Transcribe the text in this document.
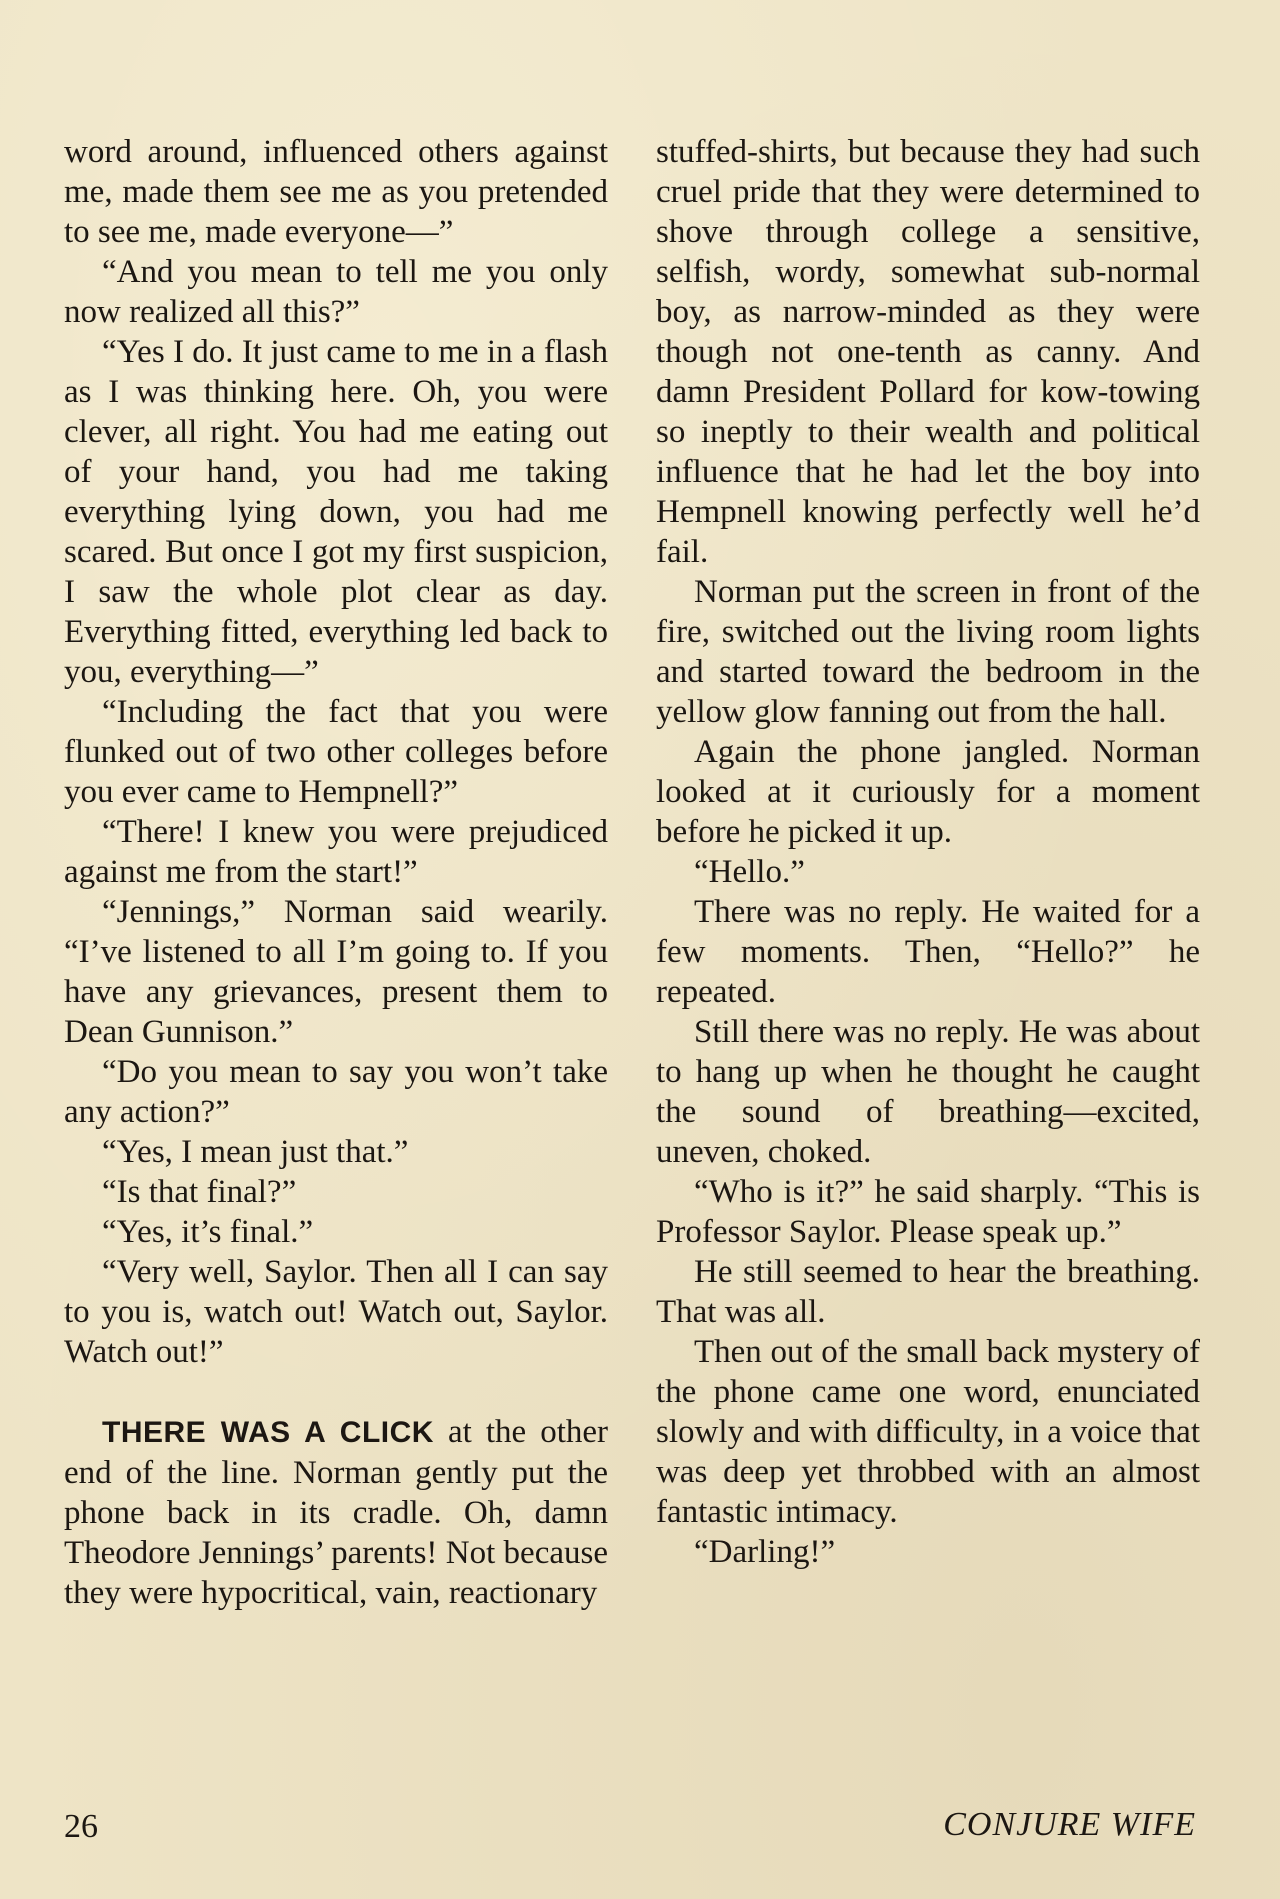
word around, influenced others against me, made them see me as you pretended to see me, made everyone—”

“And you mean to tell me you only now realized all this?”

“Yes I do. It just came to me in a flash as I was thinking here. Oh, you were clever, all right. You had me eating out of your hand, you had me taking everything lying down, you had me scared. But once I got my first suspicion, I saw the whole plot clear as day. Everything fitted, everything led back to you, everything—”

“Including the fact that you were flunked out of two other colleges before you ever came to Hempnell?”

“There! I knew you were prejudiced against me from the start!”

“Jennings,” Norman said wearily. “I’ve listened to all I’m going to. If you have any grievances, present them to Dean Gunnison.”

“Do you mean to say you won’t take any action?”

“Yes, I mean just that.”

“Is that final?”

“Yes, it’s final.”

“Very well, Saylor. Then all I can say to you is, watch out! Watch out, Saylor. Watch out!”

THERE WAS A CLICK at the other end of the line. Norman gently put the phone back in its cradle. Oh, damn Theodore Jennings’ parents! Not because they were hypocritical, vain, reactionary

stuffed-shirts, but because they had such cruel pride that they were determined to shove through college a sensitive, selfish, wordy, somewhat sub-normal boy, as narrow-minded as they were though not one-tenth as canny. And damn President Pollard for kow-towing so ineptly to their wealth and political influence that he had let the boy into Hempnell knowing perfectly well he’d fail.

Norman put the screen in front of the fire, switched out the living room lights and started toward the bedroom in the yellow glow fanning out from the hall.

Again the phone jangled. Norman looked at it curiously for a moment before he picked it up.

“Hello.”

There was no reply. He waited for a few moments. Then, “Hello?” he repeated.

Still there was no reply. He was about to hang up when he thought he caught the sound of breathing—excited, uneven, choked.

“Who is it?” he said sharply. “This is Professor Saylor. Please speak up.”

He still seemed to hear the breathing. That was all.

Then out of the small back mystery of the phone came one word, enunciated slowly and with difficulty, in a voice that was deep yet throbbed with an almost fantastic intimacy.

“Darling!”

26	CONJURE WIFE
